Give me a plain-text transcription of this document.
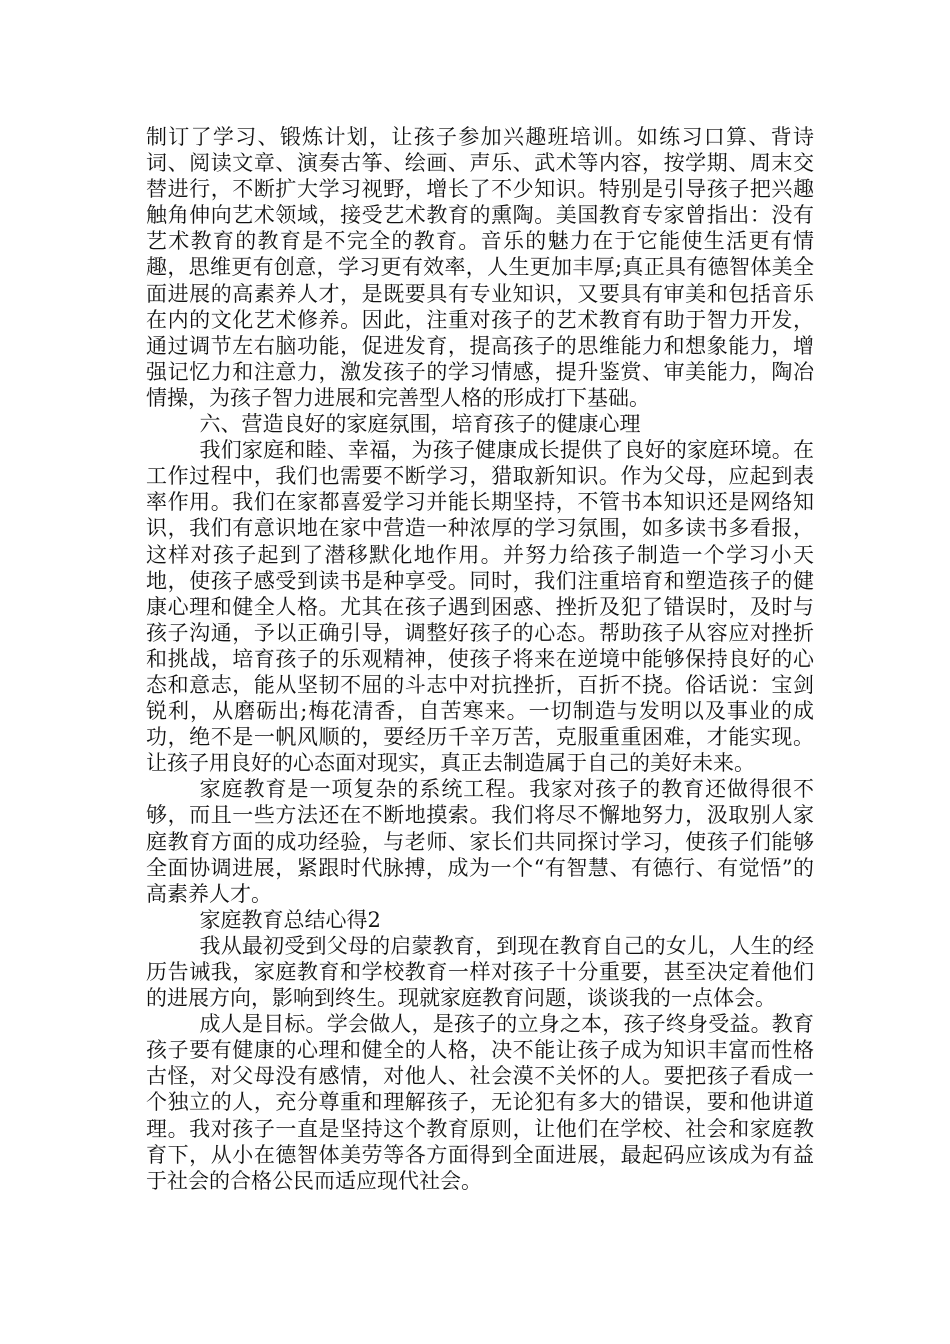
制订了学习、锻炼计划，让孩子参加兴趣班培训。如练习口算、背诗词、阅读文章、演奏古筝、绘画、声乐、武术等内容，按学期、周末交替进行，不断扩大学习视野，增长了不少知识。特别是引导孩子把兴趣触角伸向艺术领域，接受艺术教育的熏陶。美国教育专家曾指出：没有艺术教育的教育是不完全的教育。音乐的魅力在于它能使生活更有情趣，思维更有创意，学习更有效率，人生更加丰厚;真正具有德智体美全面进展的高素养人才，是既要具有专业知识，又要具有审美和包括音乐在内的文化艺术修养。因此，注重对孩子的艺术教育有助于智力开发，通过调节左右脑功能，促进发育，提高孩子的思维能力和想象能力，增强记忆力和注意力，激发孩子的学习情感，提升鉴赏、审美能力，陶冶情操，为孩子智力进展和完善型人格的形成打下基础。

六、营造良好的家庭氛围，培育孩子的健康心理

我们家庭和睦、幸福，为孩子健康成长提供了良好的家庭环境。在工作过程中，我们也需要不断学习，猎取新知识。作为父母，应起到表率作用。我们在家都喜爱学习并能长期坚持，不管书本知识还是网络知识，我们有意识地在家中营造一种浓厚的学习氛围，如多读书多看报，这样对孩子起到了潜移默化地作用。并努力给孩子制造一个学习小天地，使孩子感受到读书是种享受。同时，我们注重培育和塑造孩子的健康心理和健全人格。尤其在孩子遇到困惑、挫折及犯了错误时，及时与孩子沟通，予以正确引导，调整好孩子的心态。帮助孩子从容应对挫折和挑战，培育孩子的乐观精神，使孩子将来在逆境中能够保持良好的心态和意志，能从坚韧不屈的斗志中对抗挫折，百折不挠。俗话说：宝剑锐利，从磨砺出;梅花清香，自苦寒来。一切制造与发明以及事业的成功，绝不是一帆风顺的，要经历千辛万苦，克服重重困难，才能实现。让孩子用良好的心态面对现实，真正去制造属于自己的美好未来。

家庭教育是一项复杂的系统工程。我家对孩子的教育还做得很不够，而且一些方法还在不断地摸索。我们将尽不懈地努力，汲取别人家庭教育方面的成功经验，与老师、家长们共同探讨学习，使孩子们能够全面协调进展，紧跟时代脉搏，成为一个“有智慧、有德行、有觉悟”的高素养人才。

家庭教育总结心得2

我从最初受到父母的启蒙教育，到现在教育自己的女儿，人生的经历告诫我，家庭教育和学校教育一样对孩子十分重要，甚至决定着他们的进展方向，影响到终生。现就家庭教育问题，谈谈我的一点体会。

成人是目标。学会做人，是孩子的立身之本，孩子终身受益。教育孩子要有健康的心理和健全的人格，决不能让孩子成为知识丰富而性格古怪，对父母没有感情，对他人、社会漠不关怀的人。要把孩子看成一个独立的人，充分尊重和理解孩子，无论犯有多大的错误，要和他讲道理。我对孩子一直是坚持这个教育原则，让他们在学校、社会和家庭教育下，从小在德智体美劳等各方面得到全面进展，最起码应该成为有益于社会的合格公民而适应现代社会。
